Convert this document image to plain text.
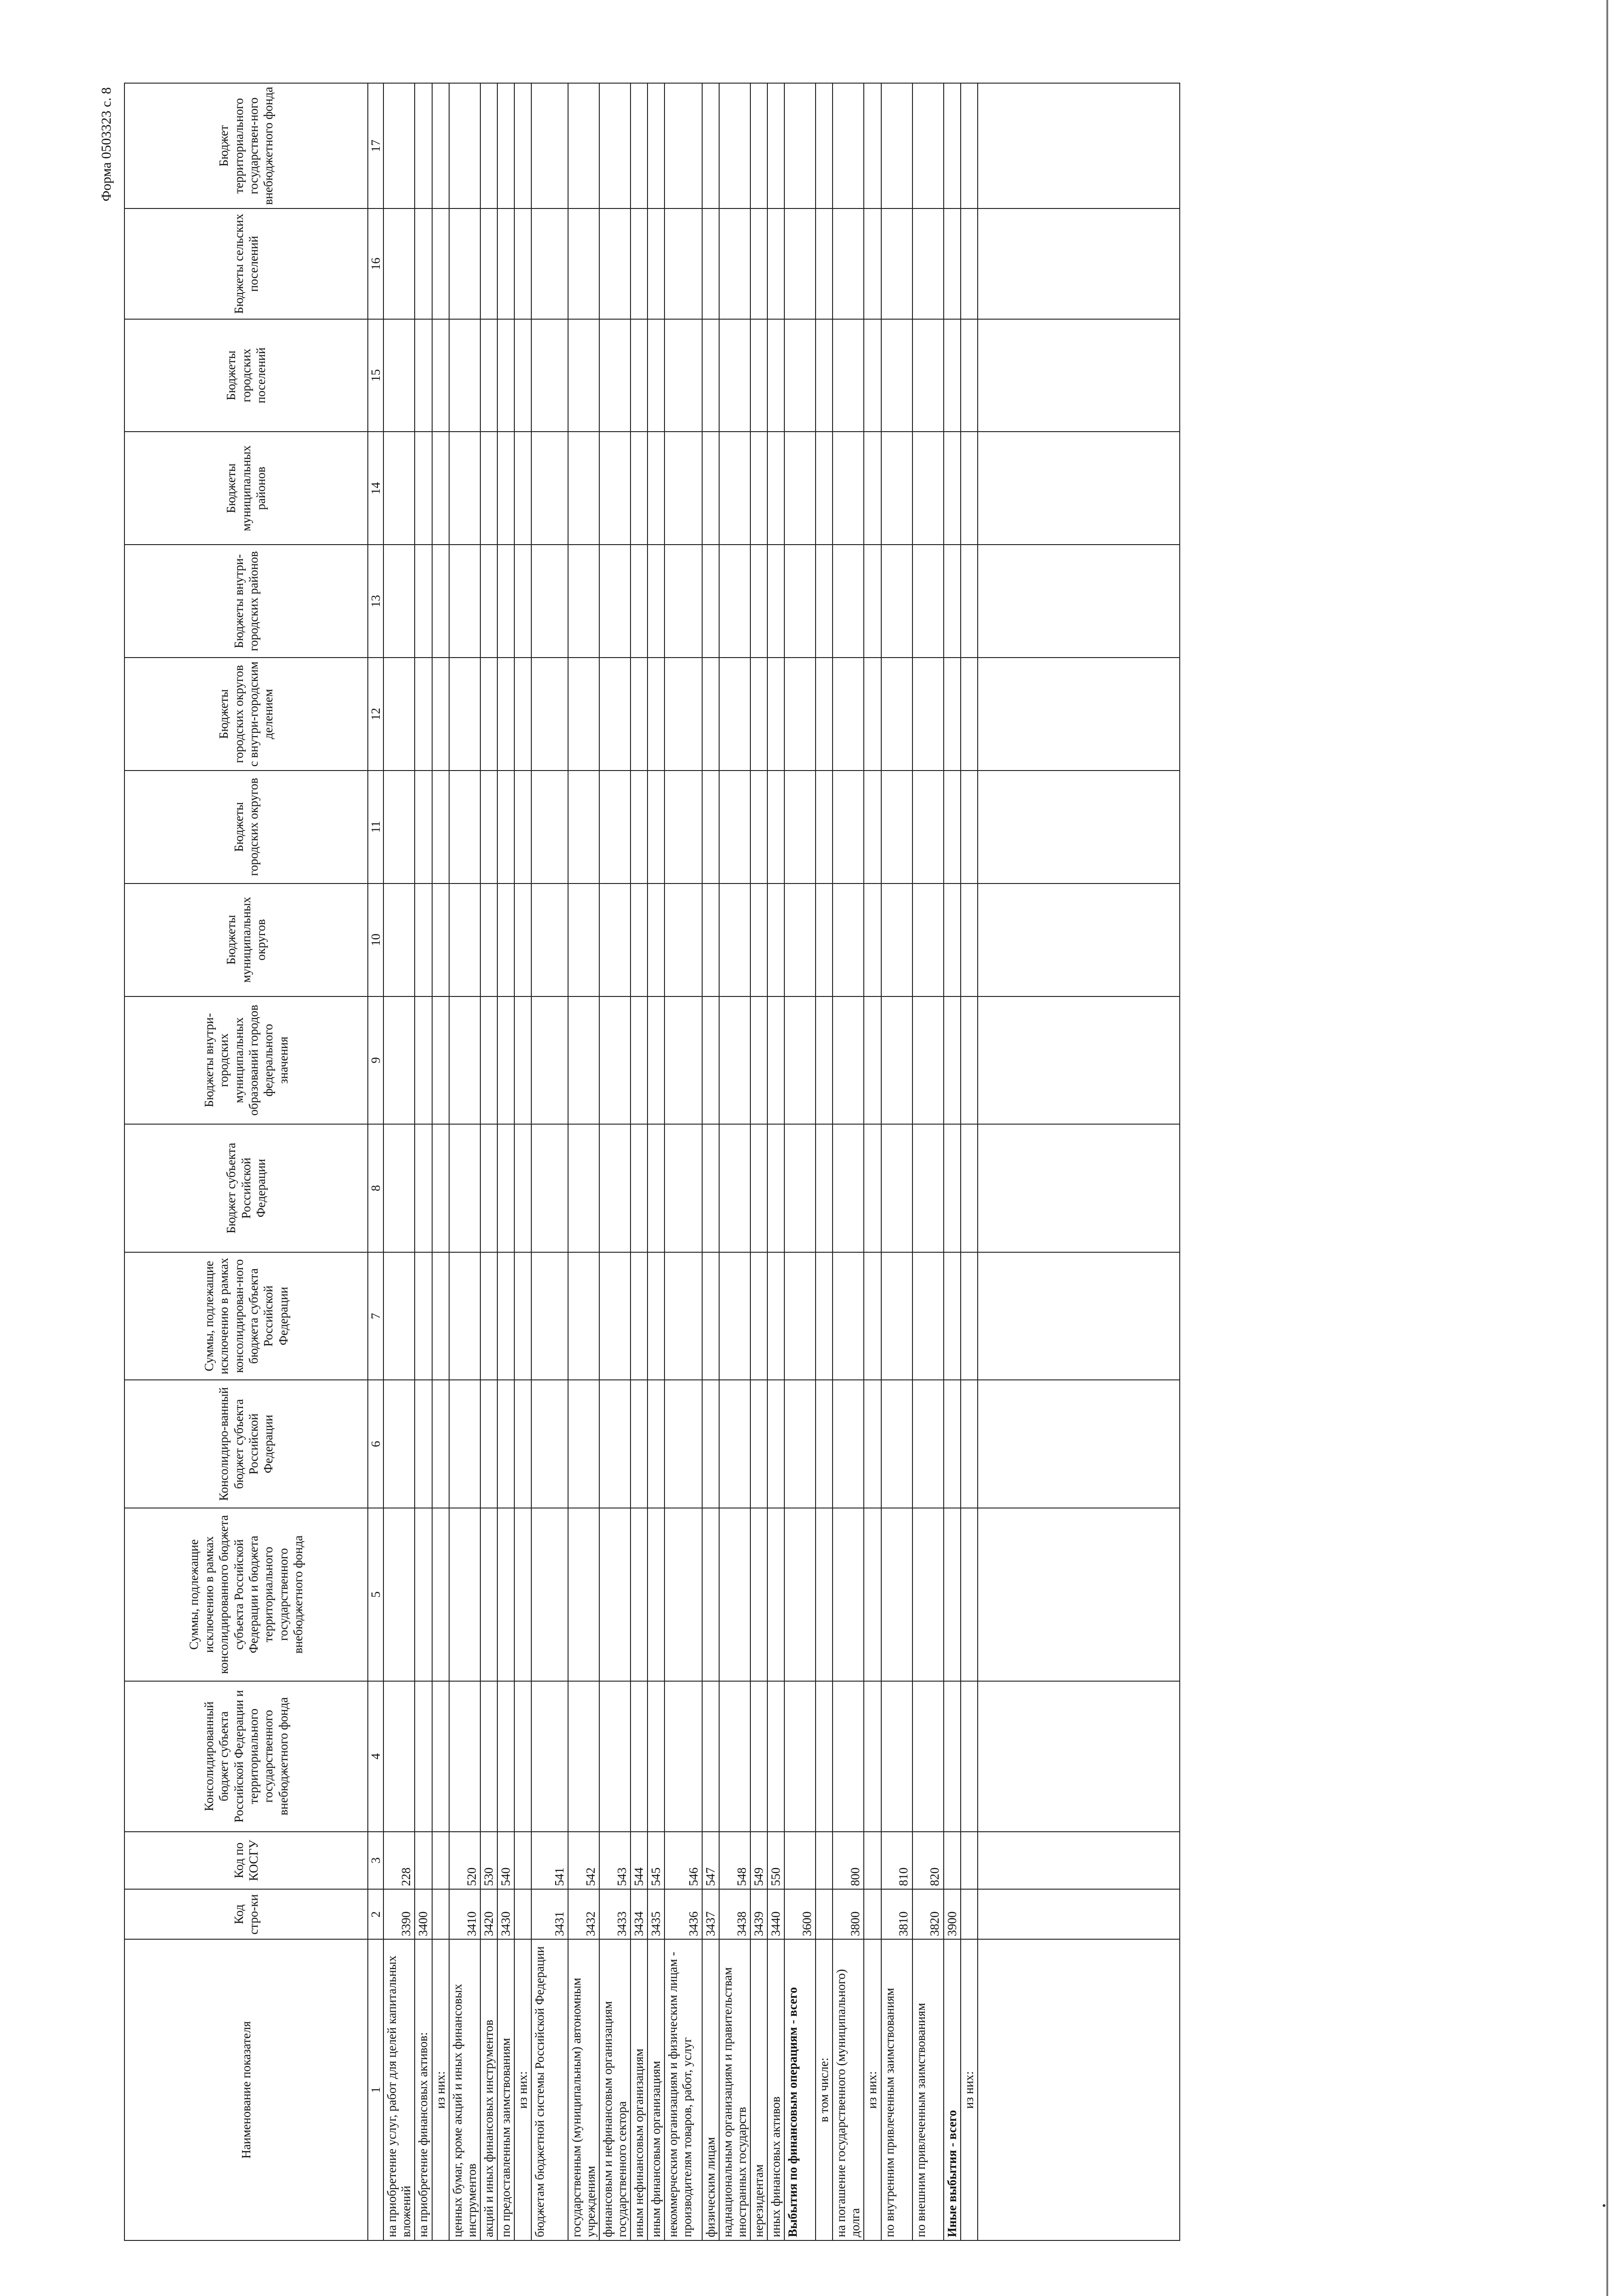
Форма 0503323 с. 8
Наименование показателя	Код стро-ки	Код по КОСГУ	Консолидированный бюджет субъекта Российской Федерации и территориального государственного внебюджетного фонда	Суммы, подлежащие исключению в рамках консолидированного бюджета субъекта Российской Федерации и бюджета территориального государственного внебюджетного фонда	Консолидиро-ванный бюджет субъекта Российской Федерации	Суммы, подлежащие исключению в рамках консолидирован-ного бюджета субъекта Российской Федерации	Бюджет субъекта Российской Федерации	Бюджеты внутри-городских муниципальных образований городов федерального значения	Бюджеты муниципальных округов	Бюджеты городских округов	Бюджеты городских округов с внутри-городским делением	Бюджеты внутри-городских районов	Бюджеты муниципальных районов	Бюджеты городских поселений	Бюджеты сельских поселений	Бюджет территориального государствен-ного внебюджетного фонда
1	2	3	4	5	6	7	8	9	10	11	12	13	14	15	16	17
на приобретение услуг, работ для целей капитальных вложений	3390	228														
на приобретение финансовых активов:	3400															
из них:																
ценных бумаг, кроме акций и иных финансовых инструментов	3410	520														
акций и иных финансовых инструментов	3420	530														
по предоставленным заимствованиям	3430	540														
из них:																
бюджетам бюджетной системы Российской Федерации	3431	541														
государственным (муниципальным) автономным учреждениям	3432	542														
финансовым и нефинансовым организациям государственного сектора	3433	543														
иным нефинансовым организациям	3434	544														
иным финансовым организациям	3435	545														
некоммерческим организациям и физическим лицам - производителям товаров, работ, услуг	3436	546														
физическим лицам	3437	547														
наднациональным организациям и правительствам иностранных государств	3438	548														
нерезидентам	3439	549														
иных финансовых активов	3440	550														
Выбытия по финансовым операциям - всего	3600															
в том числе:																
на погашение государственного (муниципального) долга	3800	800														
из них:																
по внутренним привлеченным заимствованиям	3810	810														
по внешним привлеченным заимствованиям	3820	820														
Иные выбытия - всего	3900															
из них:																
